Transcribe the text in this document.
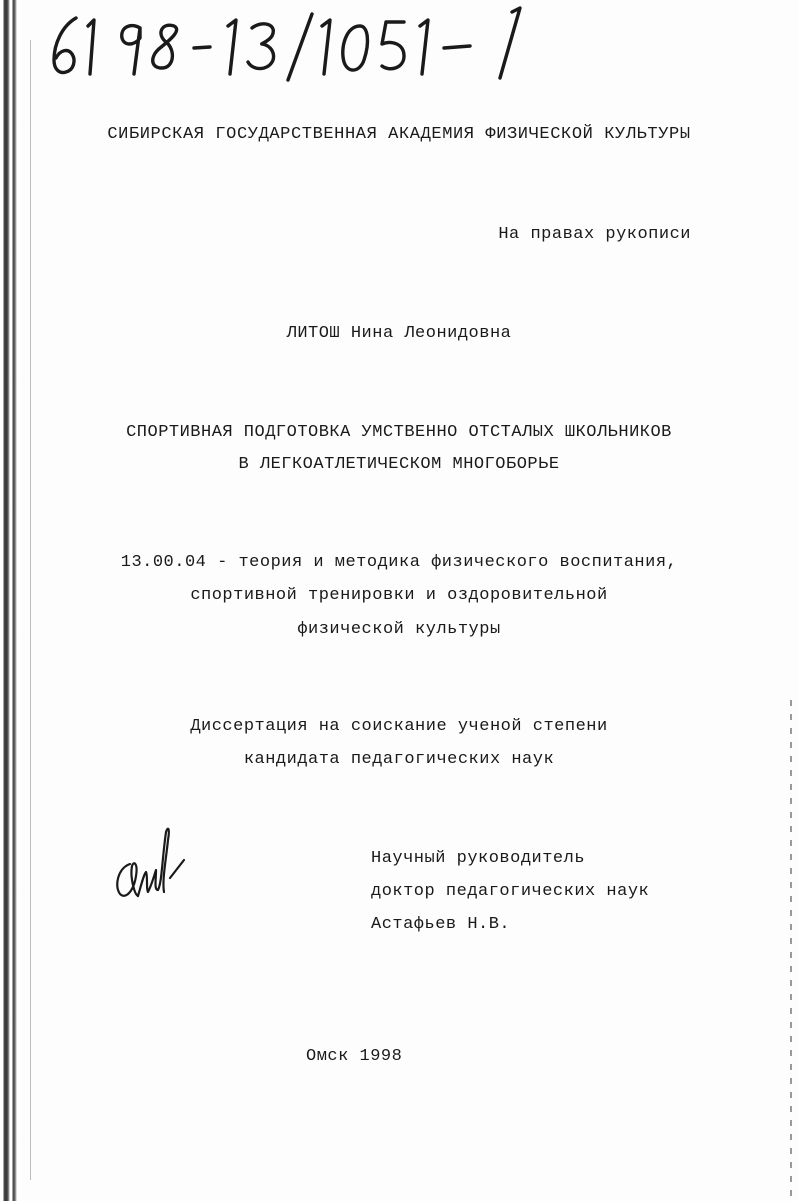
СИБИРСКАЯ ГОСУДАРСТВЕННАЯ АКАДЕМИЯ ФИЗИЧЕСКОЙ КУЛЬТУРЫ
На правах рукописи
ЛИТОШ Нина Леонидовна
СПОРТИВНАЯ ПОДГОТОВКА УМСТВЕННО ОТСТАЛЫХ ШКОЛЬНИКОВ
В ЛЕГКОАТЛЕТИЧЕСКОМ МНОГОБОРЬЕ
13.00.04 - теория и методика физического воспитания,
спортивной тренировки и оздоровительной
физической культуры
Диссертация на соискание ученой степени
кандидата педагогических наук
Научный руководитель
доктор педагогических наук
Астафьев Н.В.
Омск 1998
